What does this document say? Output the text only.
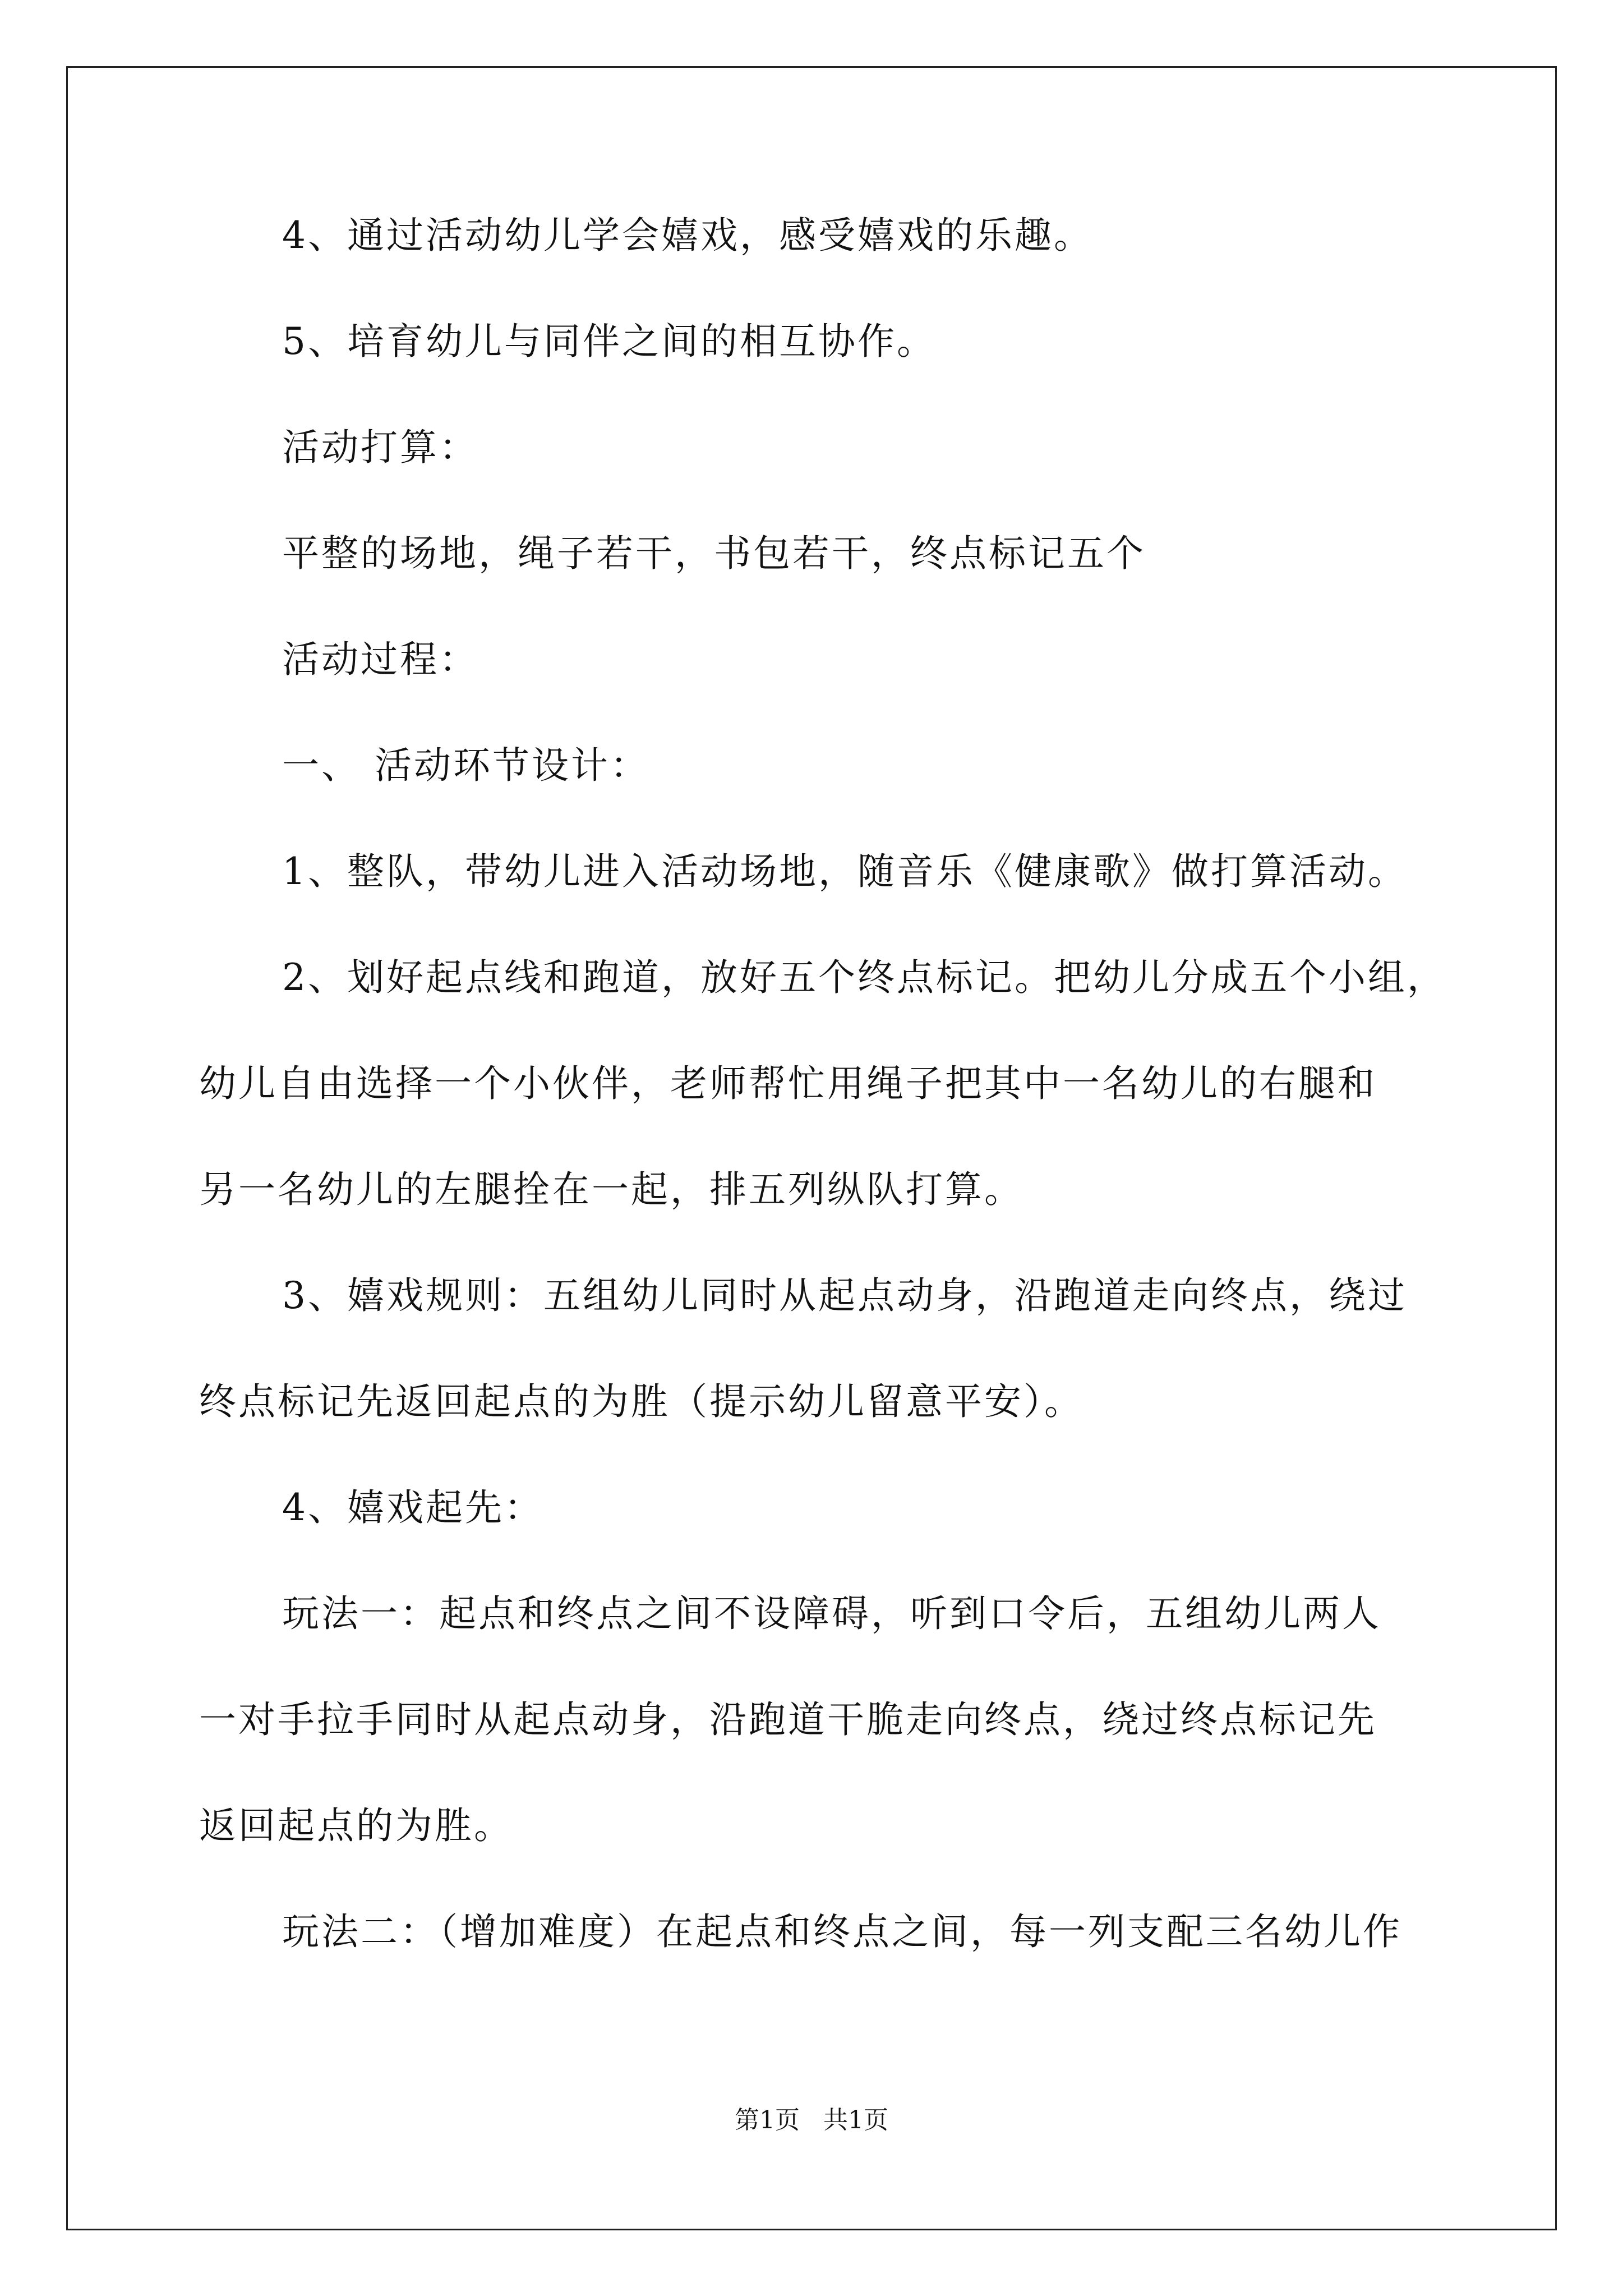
4、通过活动幼儿学会嬉戏，感受嬉戏的乐趣。
5、培育幼儿与同伴之间的相互协作。
活动打算：
平整的场地，绳子若干，书包若干，终点标记五个
活动过程：
一、 活动环节设计：
1、整队，带幼儿进入活动场地，随音乐《健康歌》做打算活动。
2、划好起点线和跑道，放好五个终点标记。把幼儿分成五个小组，
幼儿自由选择一个小伙伴，老师帮忙用绳子把其中一名幼儿的右腿和
另一名幼儿的左腿拴在一起，排五列纵队打算。
3、嬉戏规则：五组幼儿同时从起点动身，沿跑道走向终点，绕过
终点标记先返回起点的为胜（提示幼儿留意平安）。
4、嬉戏起先：
玩法一：起点和终点之间不设障碍，听到口令后，五组幼儿两人
一对手拉手同时从起点动身，沿跑道干脆走向终点，绕过终点标记先
返回起点的为胜。
玩法二：（增加难度）在起点和终点之间，每一列支配三名幼儿作
第1页   共1页
